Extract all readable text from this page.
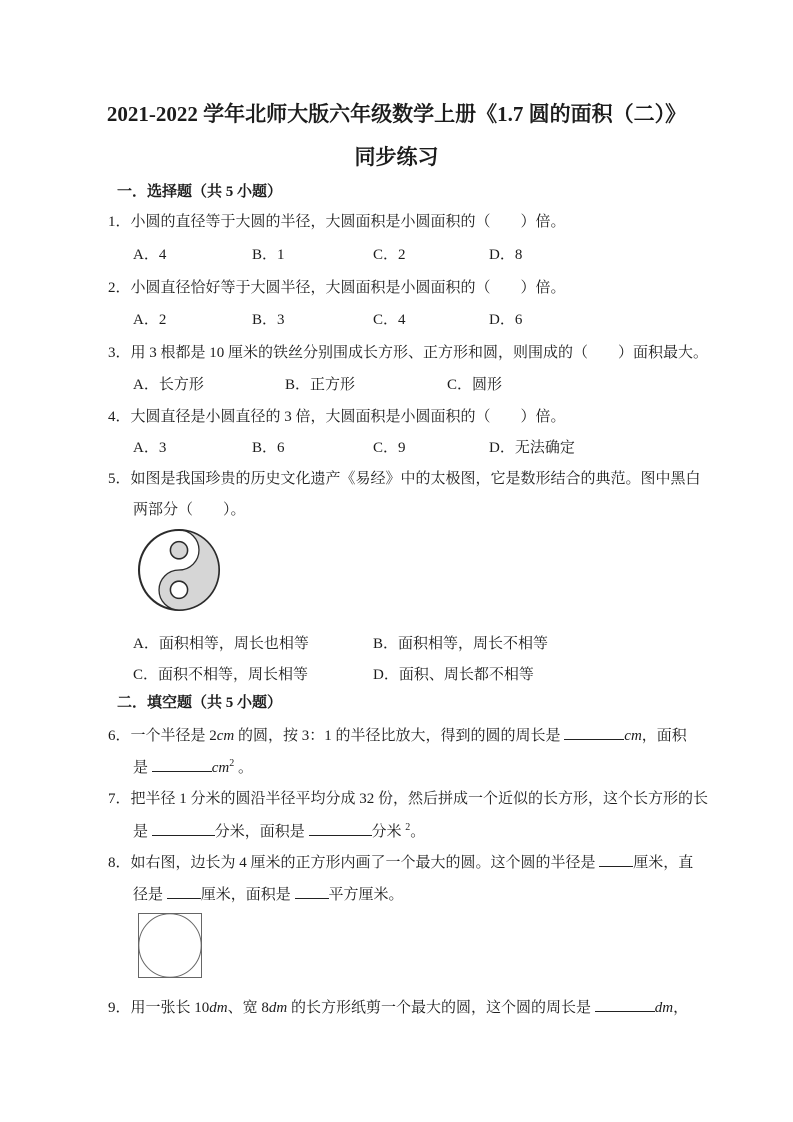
2021-2022 学年北师大版六年级数学上册《1.7 圆的面积（二）》
同步练习
一．选择题（共 5 小题）
1．小圆的直径等于大圆的半径，大圆面积是小圆面积的（　　）倍。
A．4	B．1	C．2	D．8
2．小圆直径恰好等于大圆半径，大圆面积是小圆面积的（　　）倍。
A．2	B．3	C．4	D．6
3．用 3 根都是 10 厘米的铁丝分别围成长方形、正方形和圆，则围成的（　　）面积最大。
A．长方形	B．正方形	C．圆形
4．大圆直径是小圆直径的 3 倍，大圆面积是小圆面积的（　　）倍。
A．3	B．6	C．9	D．无法确定
5．如图是我国珍贵的历史文化遗产《易经》中的太极图，它是数形结合的典范。图中黑白
两部分（　　）。
A．面积相等，周长也相等	B．面积相等，周长不相等
C．面积不相等，周长相等	D．面积、周长都不相等
二．填空题（共 5 小题）
6．一个半径是 2cm 的圆，按 3：1 的半径比放大，得到的圆的周长是	cm，面积
是	$cm^2$ 。
7．把半径 1 分米的圆沿半径平均分成 32 份，然后拼成一个近似的长方形，这个长方形的长
是	分米，面积是	分米 $^2$。
8．如右图，边长为 4 厘米的正方形内画了一个最大的圆。这个圆的半径是 厘米，直
径是 厘米，面积是 平方厘米。
9．用一张长 10dm、宽 8dm 的长方形纸剪一个最大的圆，这个圆的周长是	dm，
